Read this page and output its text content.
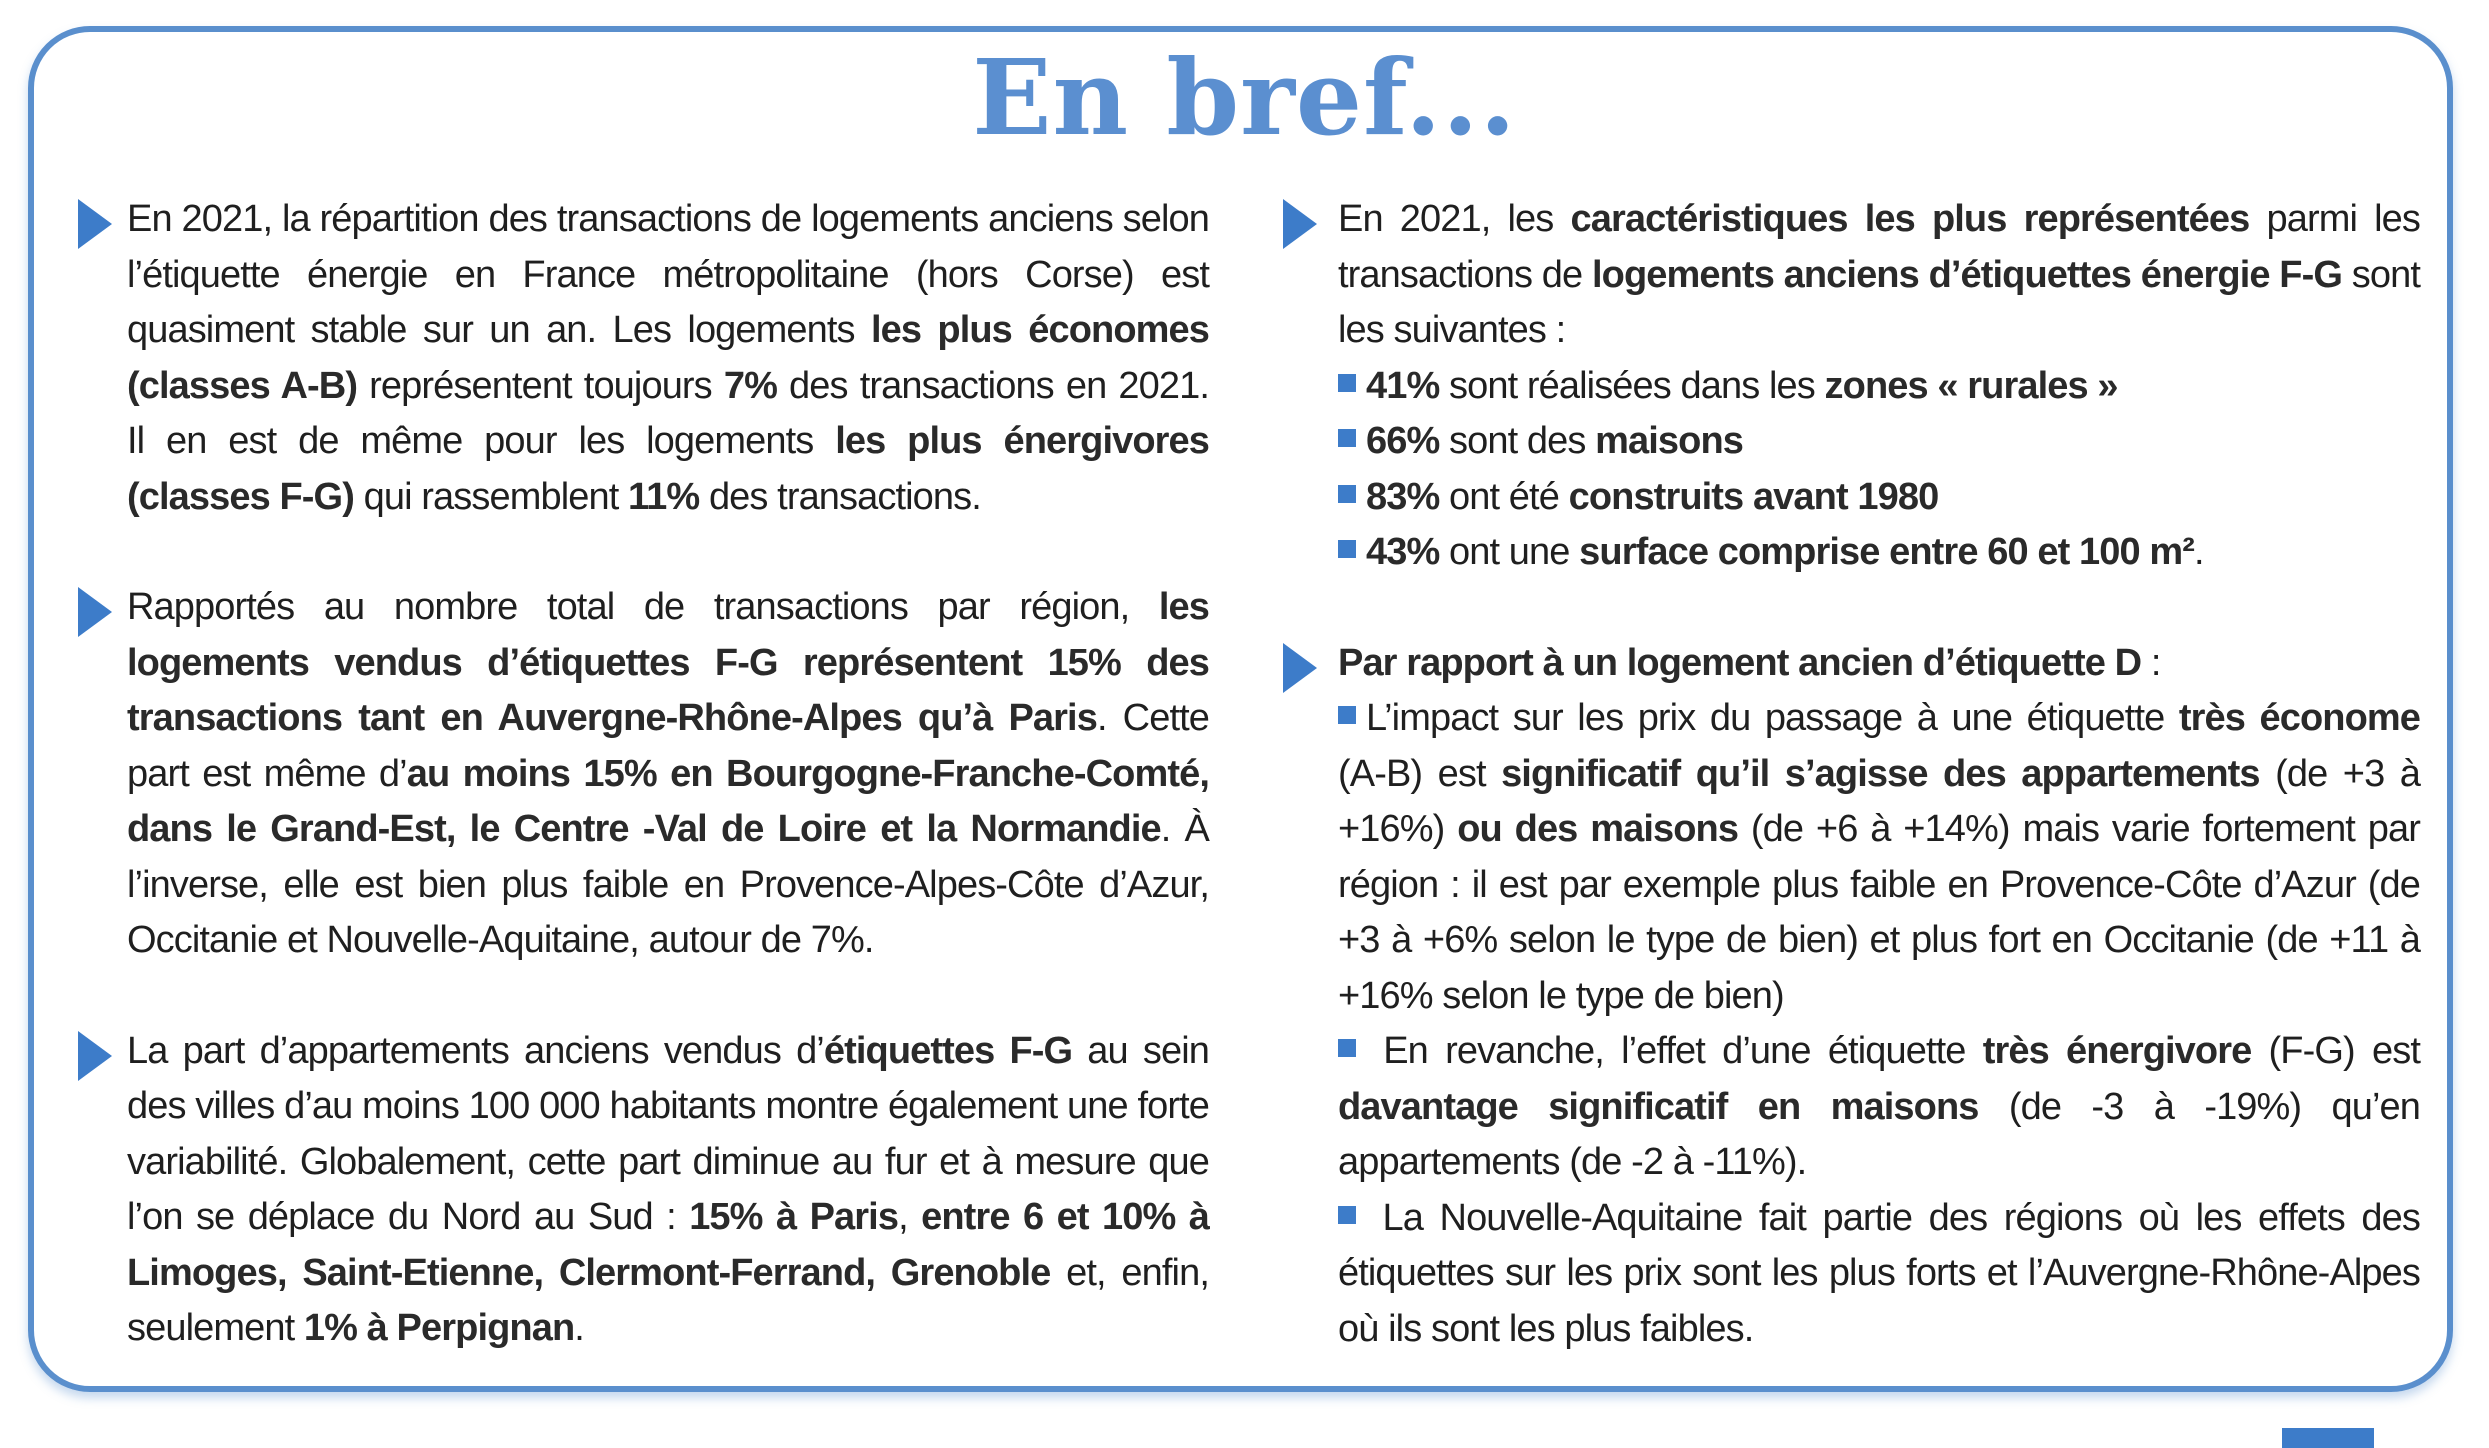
En bref...
En 2021, la répartition des transactions de logements anciens selon l’étiquette énergie en France métropolitaine (hors Corse) est quasiment stable sur un an. Les logements les plus économes (classes A-B) représentent toujours 7% des transactions en 2021. Il en est de même pour les logements les plus énergivores (classes F-G) qui rassemblent 11% des transactions.
Rapportés au nombre total de transactions par région, les logements vendus d’étiquettes F-G représentent 15% des transactions tant en Auvergne-Rhône-Alpes qu’à Paris. Cette part est même d’au moins 15% en Bourgogne-Franche-Comté, dans le Grand-Est, le Centre -Val de Loire et la Normandie. À l’inverse, elle est bien plus faible en Provence-Alpes-Côte d’Azur, Occitanie et Nouvelle-Aquitaine, autour de 7%.
La part d’appartements anciens vendus d’étiquettes F-G au sein des villes d’au moins 100 000 habitants montre également une forte variabilité. Globalement, cette part diminue au fur et à mesure que l’on se déplace du Nord au Sud : 15% à Paris, entre 6 et 10% à Limoges, Saint-Etienne, Clermont-Ferrand, Grenoble et, enfin, seulement 1% à Perpignan.
En 2021, les caractéristiques les plus représentées parmi les transactions de logements anciens d’étiquettes énergie F-G sont les suivantes :
41% sont réalisées dans les zones « rurales »
66% sont des maisons
83% ont été construits avant 1980
43% ont une surface comprise entre 60 et 100 m².
Par rapport à un logement ancien d’étiquette D :
L’impact sur les prix du passage à une étiquette très économe (A-B) est significatif qu’il s’agisse des appartements (de +3 à +16%) ou des maisons (de +6 à +14%) mais varie fortement par région : il est par exemple plus faible en Provence-Côte d’Azur (de +3 à +6% selon le type de bien) et plus fort en Occitanie (de +11 à +16% selon le type de bien)
En revanche, l’effet d’une étiquette très énergivore (F-G) est davantage significatif en maisons (de -3 à -19%) qu’en appartements (de -2 à -11%).
La Nouvelle-Aquitaine fait partie des régions où les effets des étiquettes sur les prix sont les plus forts et l’Auvergne-Rhône-Alpes où ils sont les plus faibles.
